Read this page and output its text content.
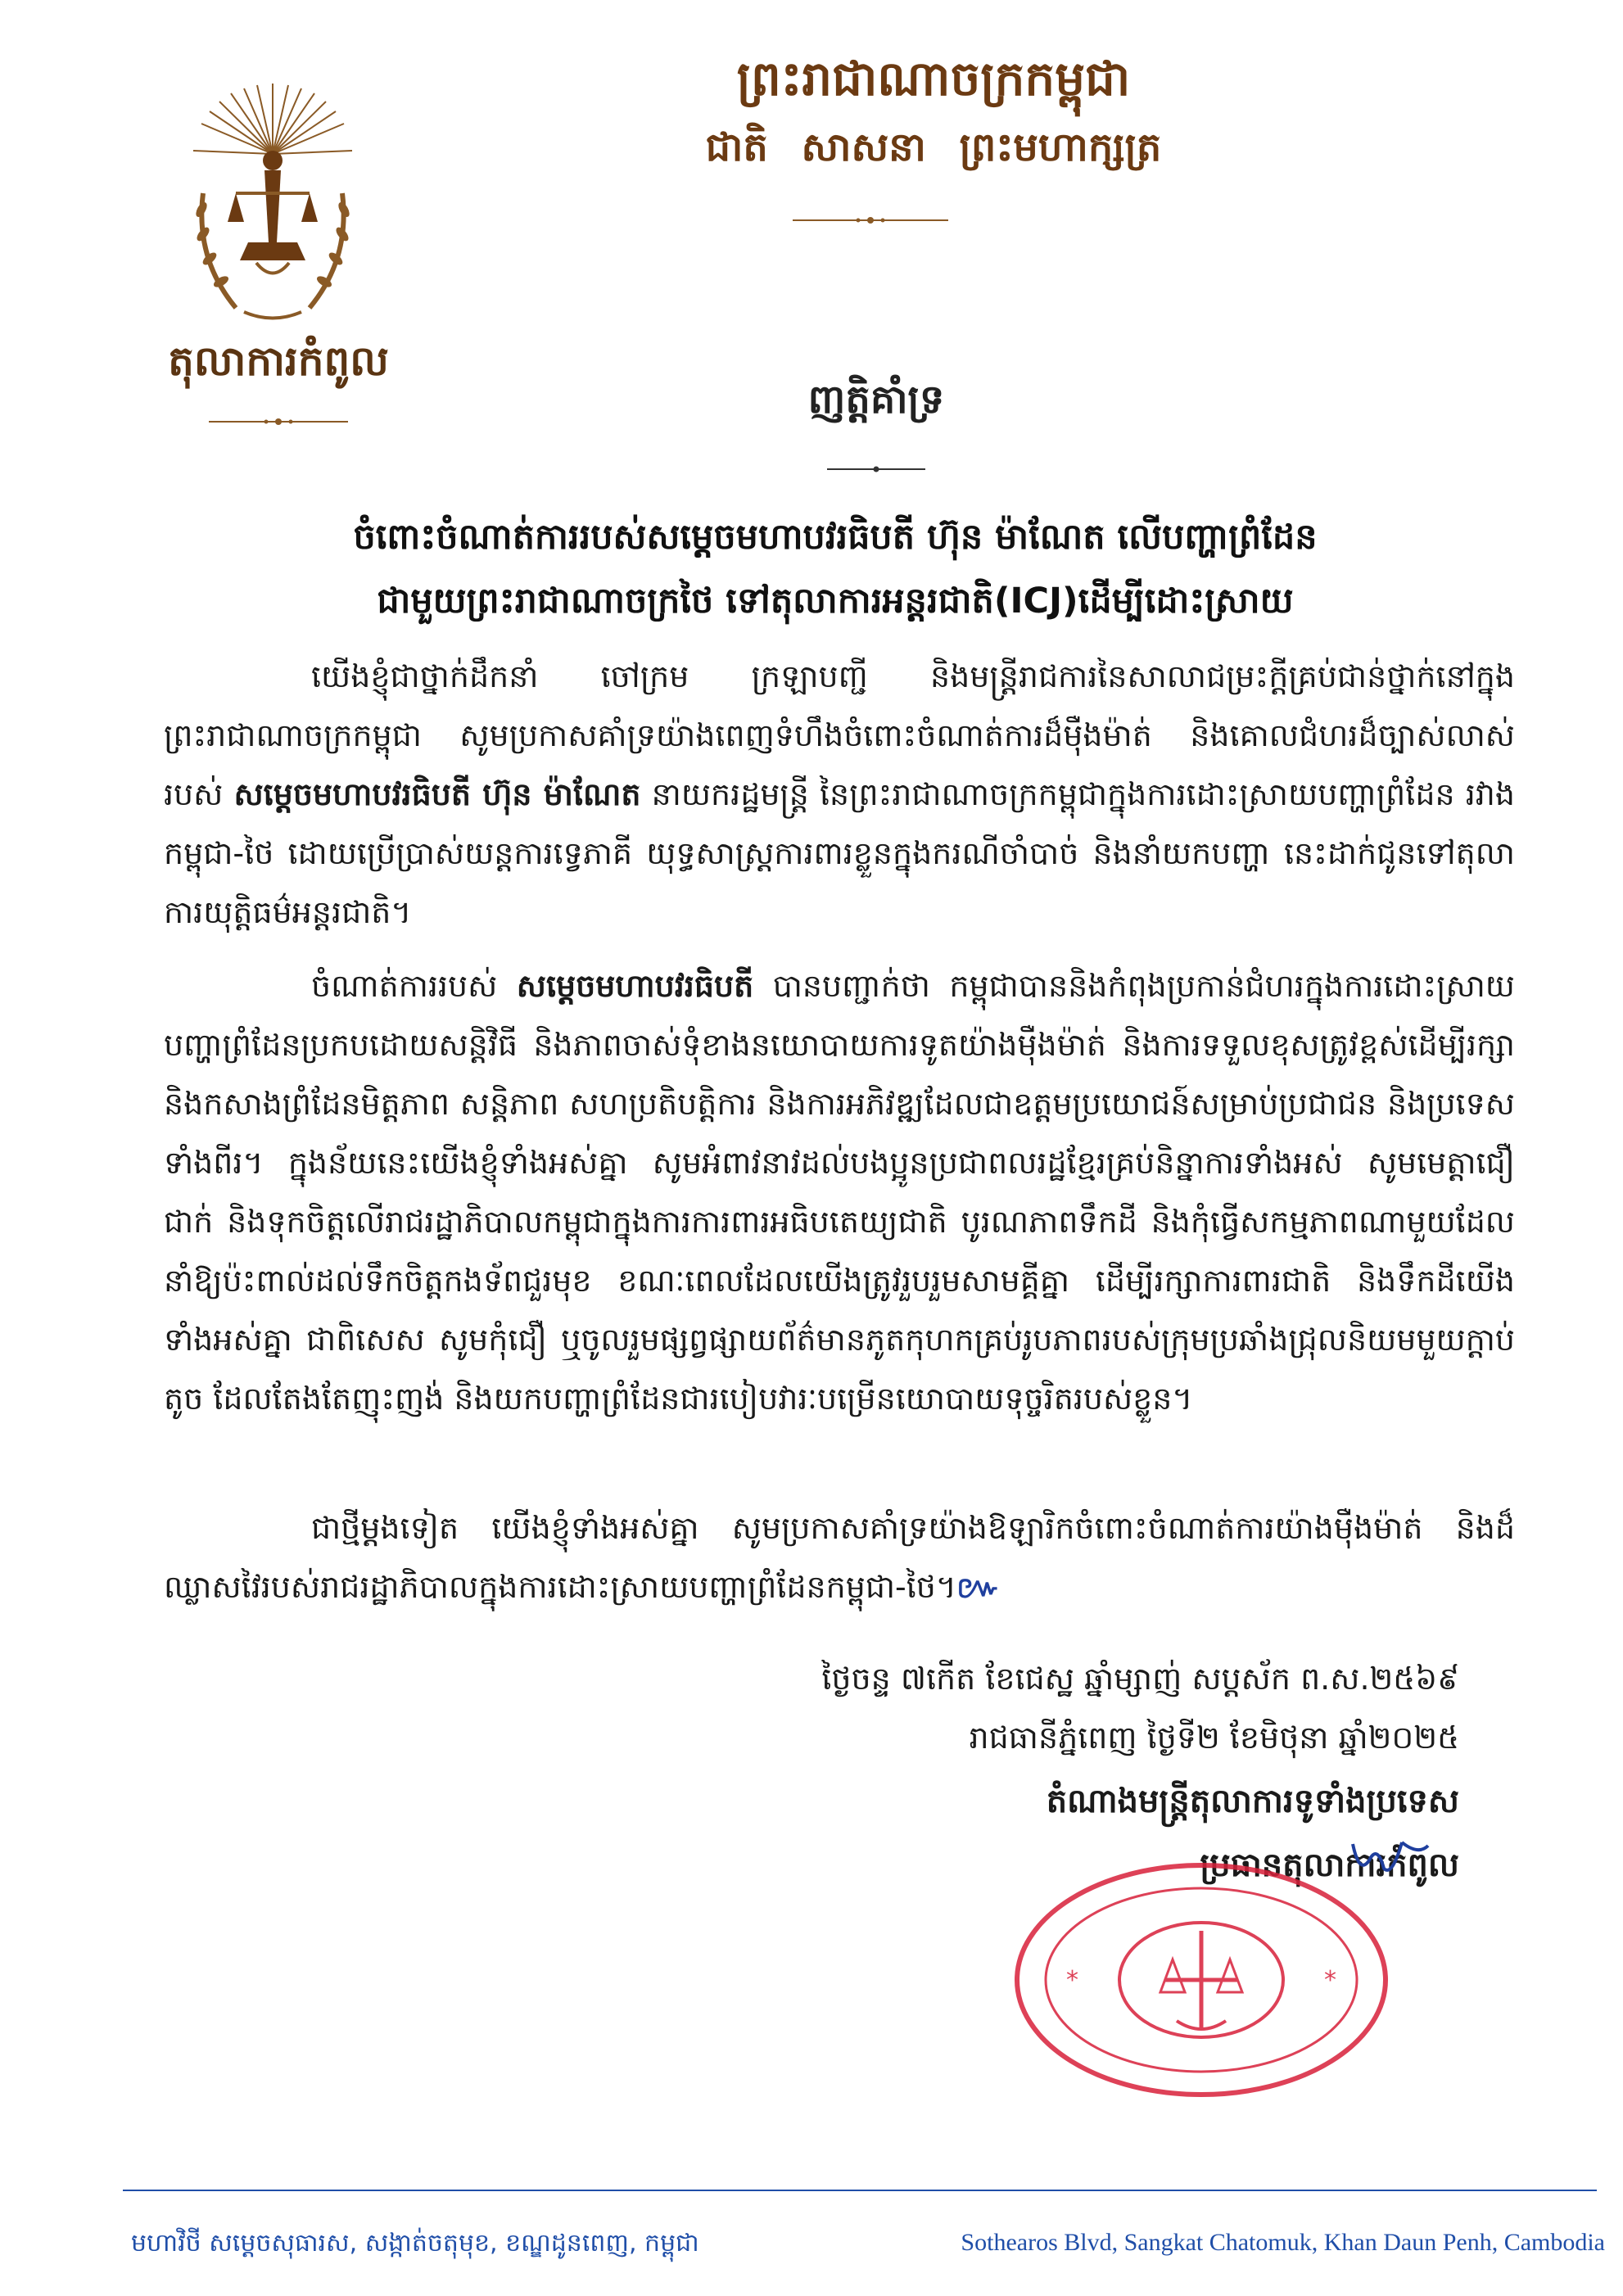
តុលាការកំពូល
ព្រះរាជាណាចក្រកម្ពុជា
ជាតិ សាសនា ព្រះមហាក្សត្រ
ញត្តិគាំទ្រ
ចំពោះចំណាត់ការរបស់សម្តេចមហាបវរធិបតី ហ៊ុន ម៉ាណែត លើបញ្ហាព្រំដែន
ជាមួយព្រះរាជាណាចក្រថៃ ទៅតុលាការអន្តរជាតិ(ICJ)ដើម្បីដោះស្រាយ
យើងខ្ញុំជាថ្នាក់ដឹកនាំ ចៅក្រម ក្រឡាបញ្ជី និងមន្ត្រីរាជការនៃសាលាជម្រះក្តីគ្រប់ជាន់ថ្នាក់នៅក្នុងព្រះរាជាណាចក្រកម្ពុជា សូមប្រកាសគាំទ្រយ៉ាងពេញទំហឹងចំពោះចំណាត់ការដ៏ម៉ឺងម៉ាត់ និងគោលជំហរដ៏ច្បាស់លាស់របស់ សម្តេចមហាបវរធិបតី ហ៊ុន ម៉ាណែត នាយករដ្ឋមន្ត្រី នៃព្រះរាជាណាចក្រកម្ពុជាក្នុងការដោះស្រាយបញ្ហាព្រំដែន រវាងកម្ពុជា-ថៃ ដោយប្រើប្រាស់យន្តការទ្វេភាគី យុទ្ធសាស្ត្រការពារខ្លួនក្នុងករណីចាំបាច់ និងនាំយកបញ្ហា នេះដាក់ជូនទៅតុលាការយុត្តិធម៌អន្តរជាតិ។
ចំណាត់ការរបស់ សម្តេចមហាបវរធិបតី បានបញ្ជាក់ថា កម្ពុជាបាននិងកំពុងប្រកាន់ជំហរក្នុងការដោះស្រាយបញ្ហាព្រំដែនប្រកបដោយសន្តិវិធី និងភាពចាស់ទុំខាងនយោបាយការទូតយ៉ាងម៉ឺងម៉ាត់ និងការទទួលខុសត្រូវខ្ពស់ដើម្បីរក្សា និងកសាងព្រំដែនមិត្តភាព សន្តិភាព សហប្រតិបត្តិការ និងការអភិវឌ្ឍដែលជាឧត្តមប្រយោជន៍សម្រាប់ប្រជាជន និងប្រទេសទាំងពីរ។ ក្នុងន័យនេះយើងខ្ញុំទាំងអស់គ្នា សូមអំពាវនាវដល់បងប្អូនប្រជាពលរដ្ឋខ្មែរគ្រប់និន្នាការទាំងអស់ សូមមេត្តាជឿជាក់ និងទុកចិត្តលើរាជរដ្ឋាភិបាលកម្ពុជាក្នុងការការពារអធិបតេយ្យជាតិ បូរណភាពទឹកដី និងកុំធ្វើសកម្មភាពណាមួយដែលនាំឱ្យប៉ះពាល់ដល់ទឹកចិត្តកងទ័ពជួរមុខ ខណៈពេលដែលយើងត្រូវរួបរួមសាមគ្គីគ្នា ដើម្បីរក្សាការពារជាតិ និងទឹកដីយើងទាំងអស់គ្នា ជាពិសេស សូមកុំជឿ ឬចូលរួមផ្សព្វផ្សាយព័ត៌មានភូតកុហកគ្រប់រូបភាពរបស់ក្រុមប្រឆាំងជ្រុលនិយមមួយក្តាប់តូច ដែលតែងតែញុះញង់ និងយកបញ្ហាព្រំដែនជារបៀបវារៈបម្រើនយោបាយទុច្ចរិតរបស់ខ្លួន។
ជាថ្មីម្តងទៀត យើងខ្ញុំទាំងអស់គ្នា សូមប្រកាសគាំទ្រយ៉ាងឱឡារិកចំពោះចំណាត់ការយ៉ាងម៉ឺងម៉ាត់ និងដ៏ឈ្លាសវៃរបស់រាជរដ្ឋាភិបាលក្នុងការដោះស្រាយបញ្ហាព្រំដែនកម្ពុជា-ថៃ។៚
ថ្ងៃចន្ទ ៧កើត ខែជេស្ឋ ឆ្នាំម្សាញ់ សប្តស័ក ព.ស.២៥៦៩
រាជធានីភ្នំពេញ ថ្ងៃទី២ ខែមិថុនា ឆ្នាំ២០២៥
តំណាងមន្ត្រីតុលាការទូទាំងប្រទេស
ប្រធានតុលាការកំពូល
*	*
មហាវិថី សម្តេចសុធារស, សង្កាត់ចតុមុខ, ខណ្ឌដូនពេញ, កម្ពុជា	Sothearos Blvd, Sangkat Chatomuk, Khan Daun Penh, Cambodia
